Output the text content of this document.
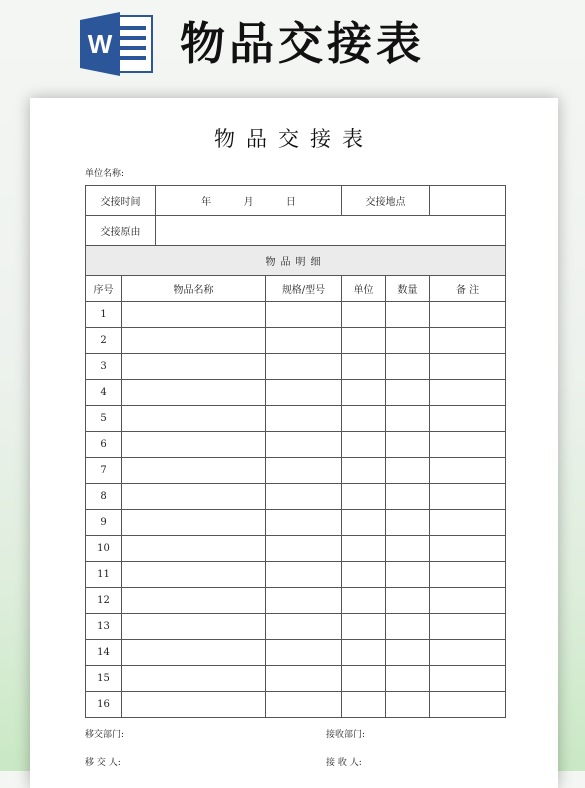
W 物品交接表
物品交接表
单位名称:
交接时间		年 月 日		交接地点		
交接原由						
物品明细						
序号	物品名称		规格/型号	单位	数量	备 注
1						
2						
3						
4						
5						
6						
7						
8						
9						
10						
11						
12						
13						
14						
15						
16						
移交部门:	接收部门:
移 交 人:	接 收 人:
